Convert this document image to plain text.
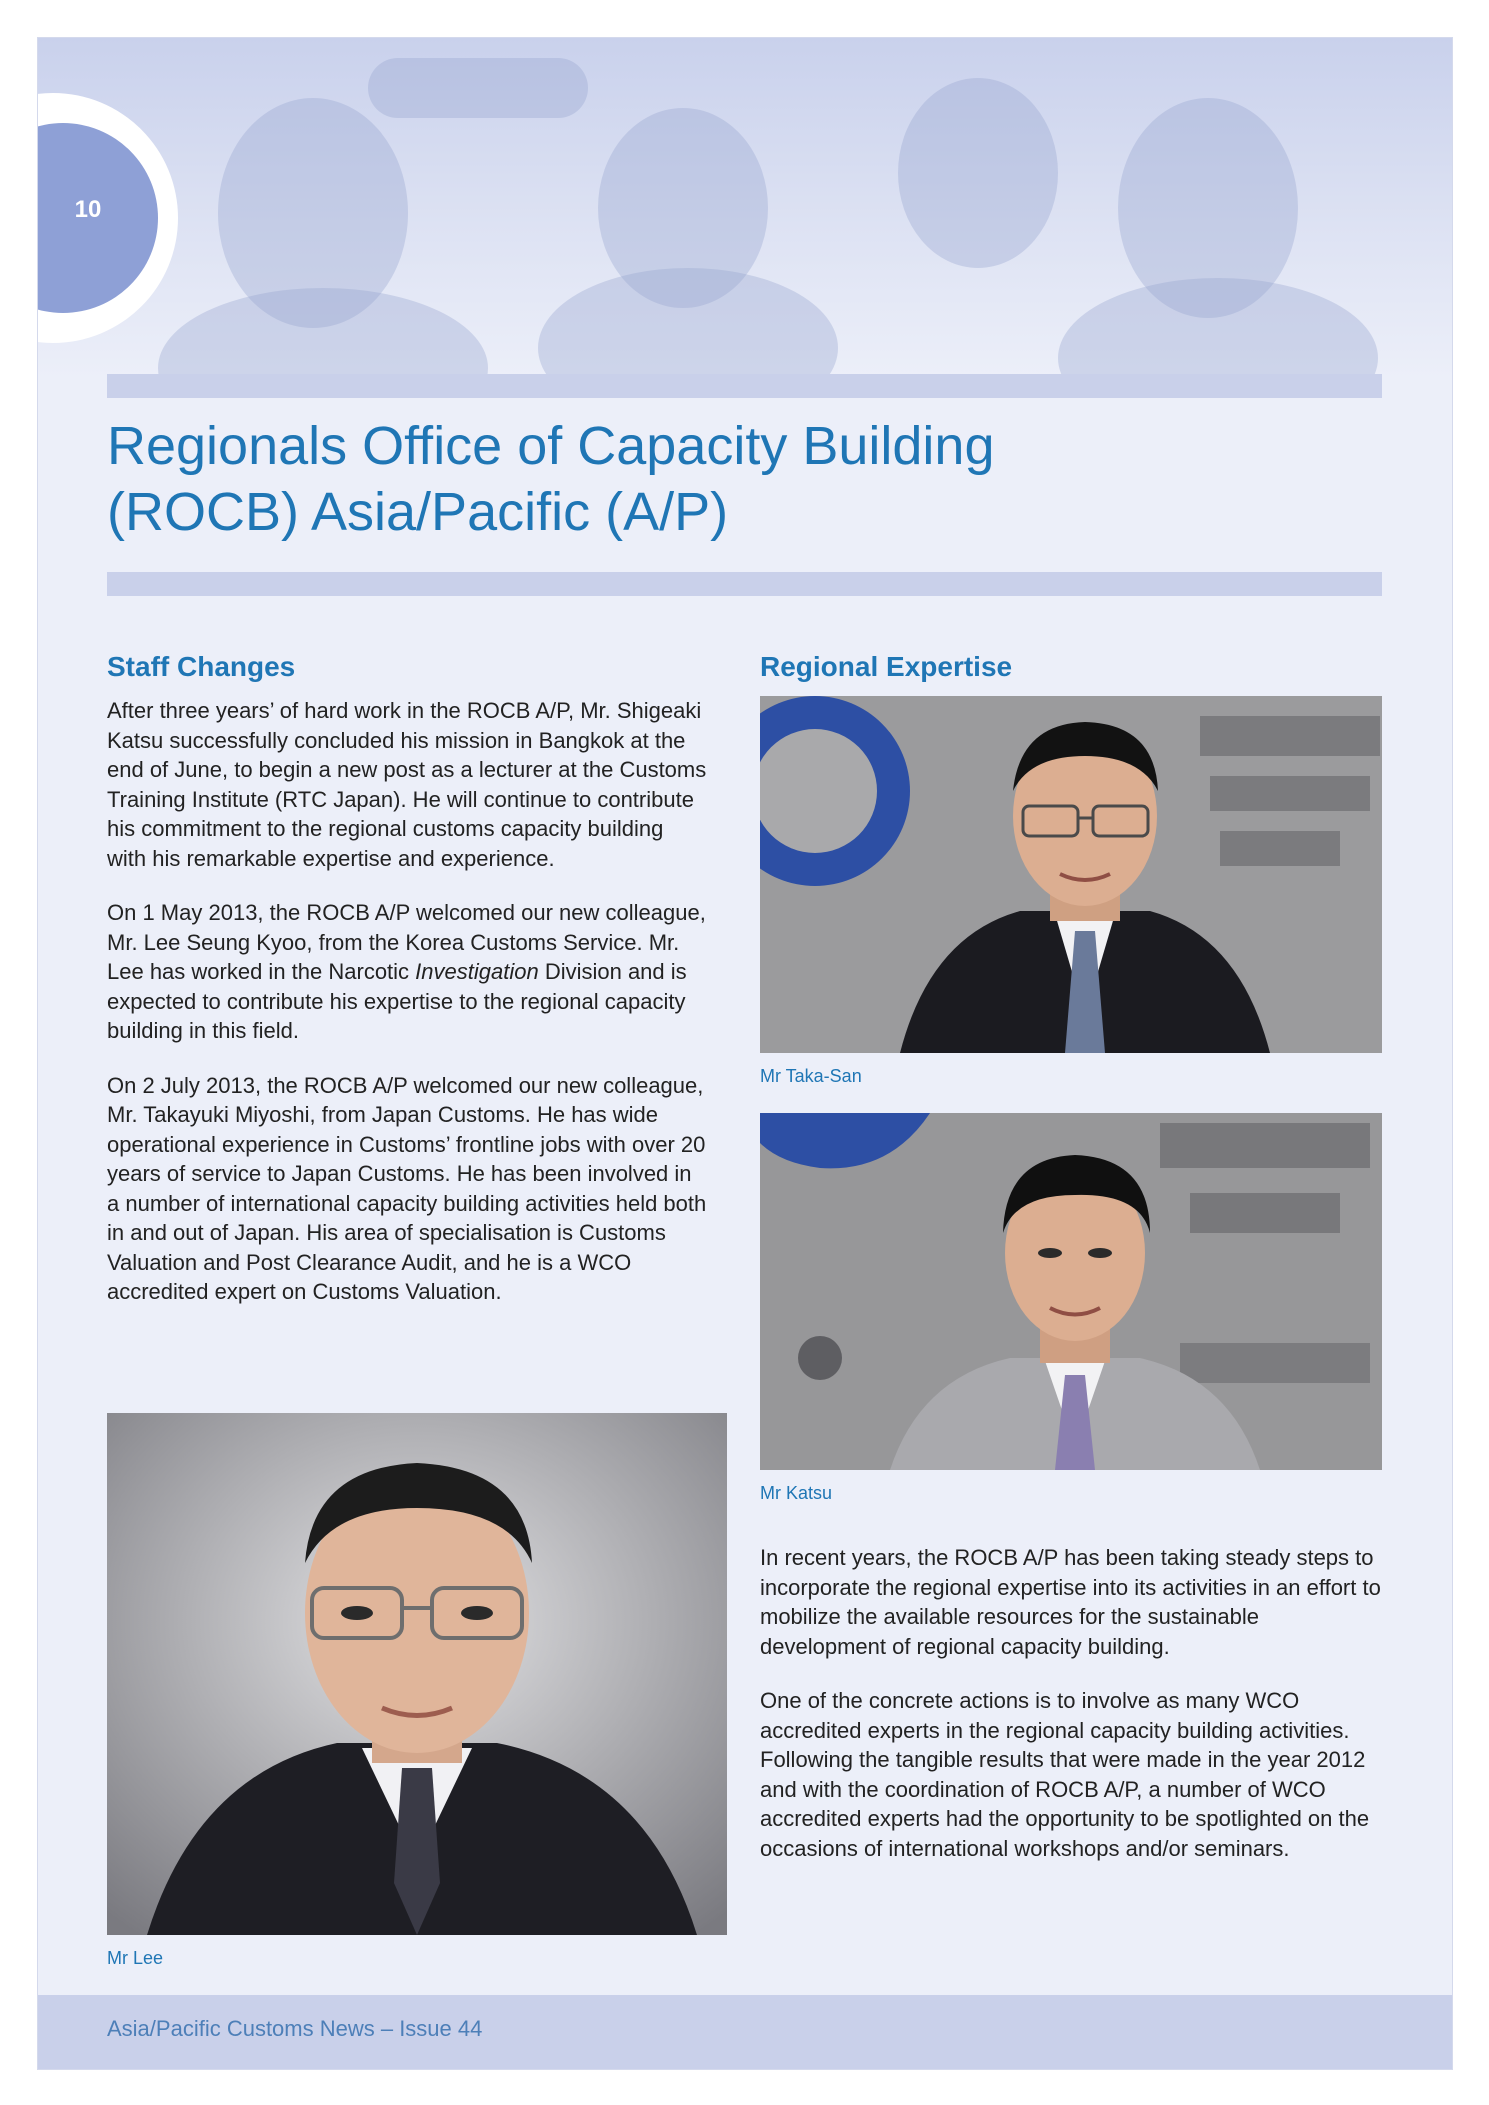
10
Regionals Office of Capacity Building
(ROCB) Asia/Pacific (A/P)
Staff Changes

After three years’ of hard work in the ROCB A/P, Mr. Shigeaki Katsu successfully concluded his mission in Bangkok at the end of June, to begin a new post as a lecturer at the Customs Training Institute (RTC Japan). He will continue to contribute his commitment to the regional customs capacity building with his remarkable expertise and experience.

On 1 May 2013, the ROCB A/P welcomed our new colleague, Mr. Lee Seung Kyoo, from the Korea Customs Service. Mr. Lee has worked in the Narcotic Investigation Division and is expected to contribute his expertise to the regional capacity building in this field.

On 2 July 2013, the ROCB A/P welcomed our new colleague, Mr. Takayuki Miyoshi, from Japan Customs. He has wide operational experience in Customs’ frontline jobs with over 20 years of service to Japan Customs. He has been involved in a number of international capacity building activities held both in and out of Japan. His area of specialisation is Customs Valuation and Post Clearance Audit, and he is a WCO accredited expert on Customs Valuation.

Mr Lee
Regional Expertise
Mr Taka-San
Mr Katsu

In recent years, the ROCB A/P has been taking steady steps to incorporate the regional expertise into its activities in an effort to mobilize the available resources for the sustainable development of regional capacity building.

One of the concrete actions is to involve as many WCO accredited experts in the regional capacity building activities. Following the tangible results that were made in the year 2012 and with the coordination of ROCB A/P, a number of WCO accredited experts had the opportunity to be spotlighted on the occasions of international workshops and/or seminars.

Asia/Pacific Customs News – Issue 44
